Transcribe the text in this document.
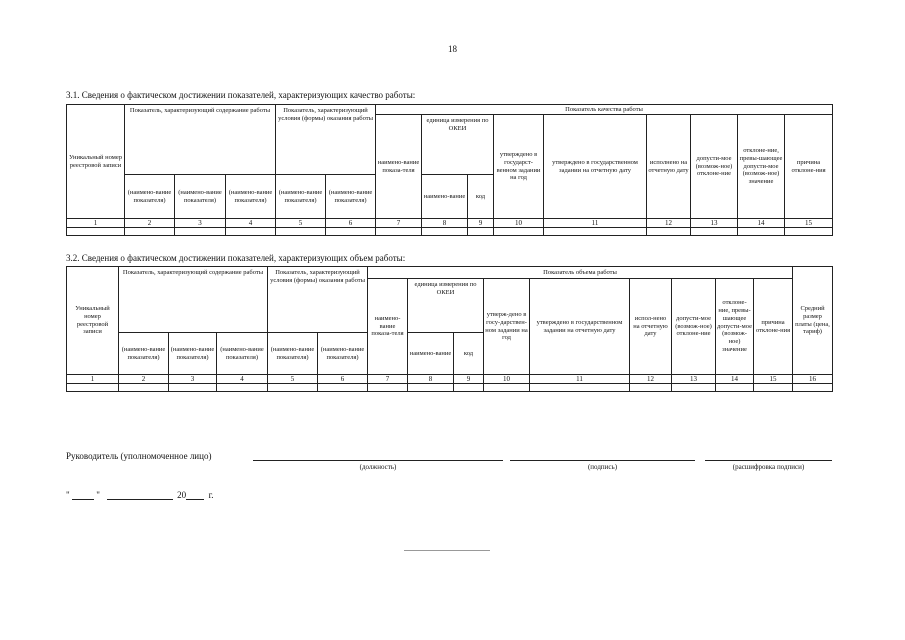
18
3.1. Сведения о фактическом достижении показателей, характеризующих качество работы:
Уникальный номер реестровой записи	Показатель, характеризующий содержание работы			Показатель, характеризующий условия (формы) оказания работы		Показатель качества работы								
						наимено-вание показа-теля	единица измерения по ОКЕИ		утверждено в государст-венном задании на год	утверждено в государственном задании на отчетную дату	исполнено на отчетную дату	допусти-мое (возмож-ное) отклоне-ние	отклоне-ние, превы-шающее допусти-мое (возмож-ное) значение	причина отклоне-ния
	(наимено-вание показателя)	(наимено-вание показателя)	(наимено-вание показателя)	(наимено-вание показателя)	(наимено-вание показателя)		наимено-вание	код						
1	2	3	4	5	6	7	8	9	10	11	12	13	14	15

3.2. Сведения о фактическом достижении показателей, характеризующих объем работы:
Уникальный номер реестровой записи	Показатель, характеризующий содержание работы			Показатель, характеризующий условия (формы) оказания работы		Показатель объема работы									Средний размер платы (цена, тариф)
						наимено-вание показа-теля	единица измерения по ОКЕИ		утверж-дено в госу-дарствен-ном задании на год	утверждено в государственном задании на отчетную дату	испол-нено на отчетную дату	допусти-мое (возмож-ное) отклоне-ние	отклоне-ние, превы-шающее допусти-мое (возмож-ное) значение	причина отклоне-ния	
	(наимено-вание показателя)	(наимено-вание показателя)	(наимено-вание показателя)	(наимено-вание показателя)	(наимено-вание показателя)		наимено-вание	код							
1	2	3	4	5	6	7	8	9	10	11	12	13	14	15	16

Руководитель (уполномоченное лицо)
(должность)	(подпись)	(расшифровка подписи)
"	"	20	г.
